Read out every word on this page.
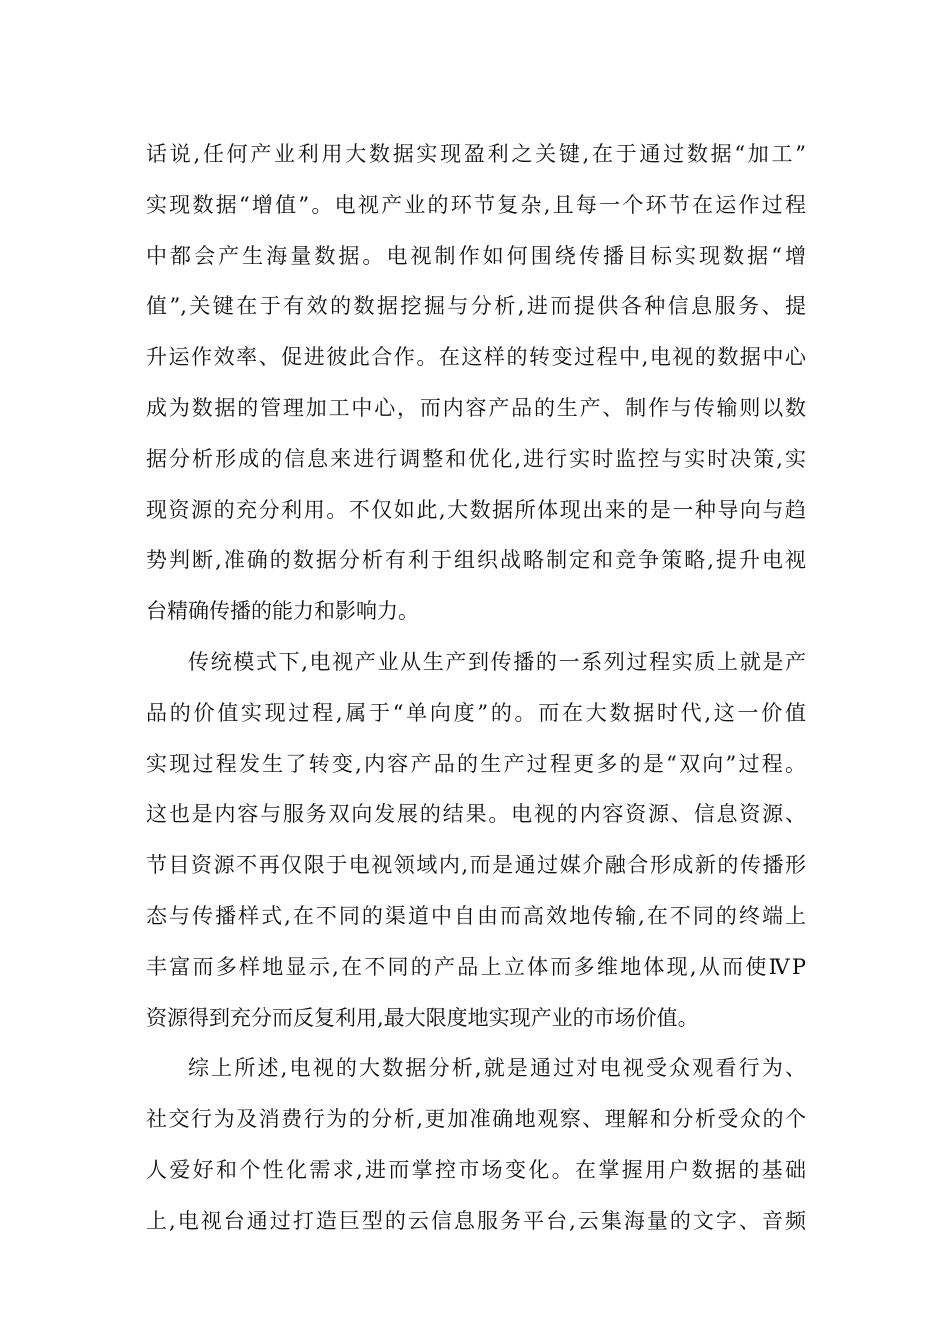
话说,任何产业利用大数据实现盈利之关键,在于通过数据“加工”
实现数据“增值”。电视产业的环节复杂,且每一个环节在运作过程
中都会产生海量数据。电视制作如何围绕传播目标实现数据“增
值”,关键在于有效的数据挖掘与分析,进而提供各种信息服务、提
升运作效率、促进彼此合作。在这样的转变过程中,电视的数据中心
成为数据的管理加工中心，而内容产品的生产、制作与传输则以数
据分析形成的信息来进行调整和优化,进行实时监控与实时决策,实
现资源的充分利用。不仅如此,大数据所体现出来的是一种导向与趋
势判断,准确的数据分析有利于组织战略制定和竞争策略,提升电视
台精确传播的能力和影响力。
传统模式下,电视产业从生产到传播的一系列过程实质上就是产
品的价值实现过程,属于“单向度”的。而在大数据时代,这一价值
实现过程发生了转变,内容产品的生产过程更多的是“双向”过程。
这也是内容与服务双向发展的结果。电视的内容资源、信息资源、
节目资源不再仅限于电视领域内,而是通过媒介融合形成新的传播形
态与传播样式,在不同的渠道中自由而高效地传输,在不同的终端上
丰富而多样地显示,在不同的产品上立体而多维地体现,从而使ⅣP
资源得到充分而反复利用,最大限度地实现产业的市场价值。
综上所述,电视的大数据分析,就是通过对电视受众观看行为、
社交行为及消费行为的分析,更加准确地观察、理解和分析受众的个
人爱好和个性化需求,进而掌控市场变化。在掌握用户数据的基础
上,电视台通过打造巨型的云信息服务平台,云集海量的文字、音频
